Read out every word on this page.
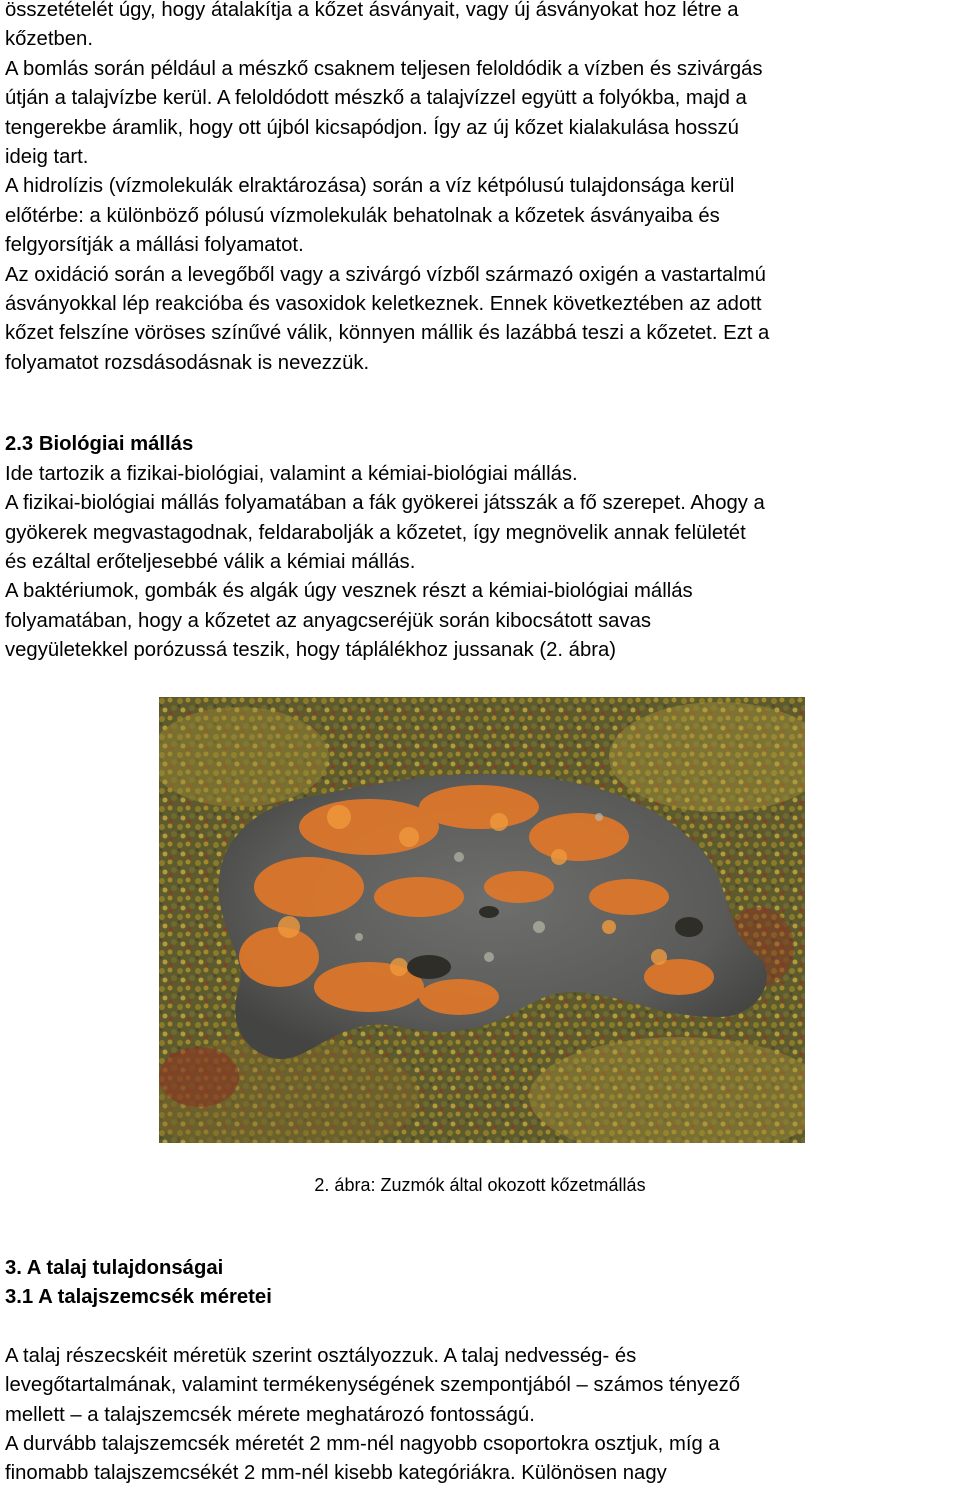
összetételét úgy, hogy átalakítja a kőzet ásványait, vagy új ásványokat hoz létre a
kőzetben.

A bomlás során például a mészkő csaknem teljesen feloldódik a vízben és szivárgás
útján a talajvízbe kerül. A feloldódott mészkő a talajvízzel együtt a folyókba, majd a
tengerekbe áramlik, hogy ott újból kicsapódjon. Így az új kőzet kialakulása hosszú
ideig tart.

A hidrolízis (vízmolekulák elraktározása) során a víz kétpólusú tulajdonsága kerül
előtérbe: a különböző pólusú vízmolekulák behatolnak a kőzetek ásványaiba és
felgyorsítják a mállási folyamatot.

Az oxidáció során a levegőből vagy a szivárgó vízből származó oxigén a vastartalmú
ásványokkal lép reakcióba és vasoxidok keletkeznek. Ennek következtében az adott
kőzet felszíne vöröses színűvé válik, könnyen mállik és lazábbá teszi a kőzetet. Ezt a
folyamatot rozsdásodásnak is nevezzük.

2.3 Biológiai mállás

Ide tartozik a fizikai-biológiai, valamint a kémiai-biológiai mállás.

A fizikai-biológiai mállás folyamatában a fák gyökerei játsszák a fő szerepet. Ahogy a
gyökerek megvastagodnak, feldarabolják a kőzetet, így megnövelik annak felületét
és ezáltal erőteljesebbé válik a kémiai mállás.

A baktériumok, gombák és algák úgy vesznek részt a kémiai-biológiai mállás
folyamatában, hogy a kőzetet az anyagcseréjük során kibocsátott savas
vegyületekkel porózussá teszik, hogy táplálékhoz jussanak (2. ábra)

2. ábra: Zuzmók által okozott kőzetmállás

3. A talaj tulajdonságai

3.1 A talajszemcsék méretei

A talaj részecskéit méretük szerint osztályozzuk. A talaj nedvesség- és
levegőtartalmának, valamint termékenységének szempontjából – számos tényező
mellett – a talajszemcsék mérete meghatározó fontosságú.

A durvább talajszemcsék méretét 2 mm-nél nagyobb csoportokra osztjuk, míg a
finomabb talajszemcsékét 2 mm-nél kisebb kategóriákra. Különösen nagy
